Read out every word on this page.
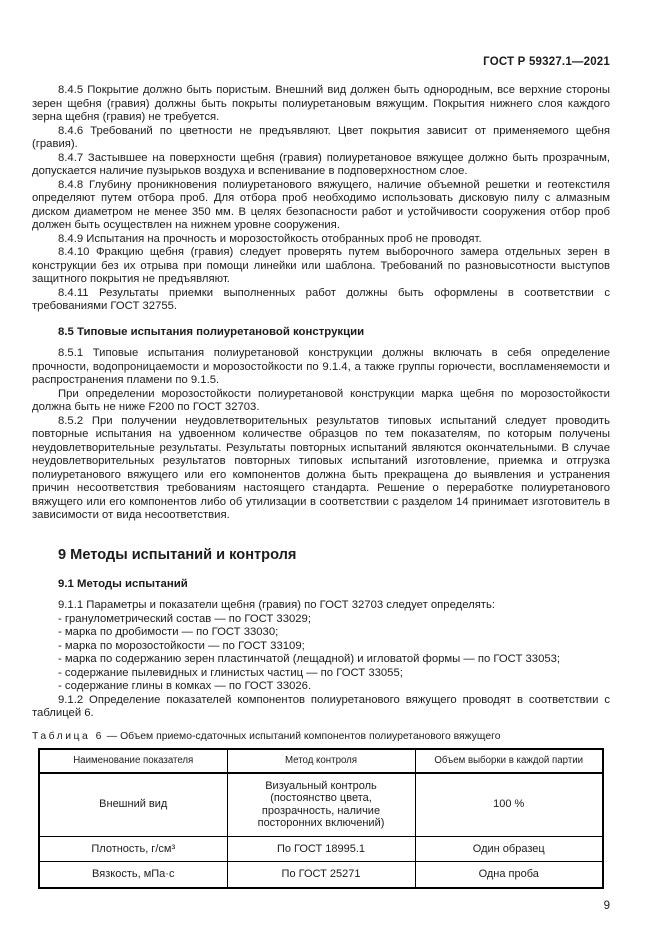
ГОСТ Р 59327.1—2021

8.4.5 Покрытие должно быть пористым. Внешний вид должен быть однородным, все верхние стороны зерен щебня (гравия) должны быть покрыты полиуретановым вяжущим. Покрытия нижнего слоя каждого зерна щебня (гравия) не требуется.

8.4.6 Требований по цветности не предъявляют. Цвет покрытия зависит от применяемого щебня (гравия).

8.4.7 Застывшее на поверхности щебня (гравия) полиуретановое вяжущее должно быть прозрачным, допускается наличие пузырьков воздуха и вспенивание в подповерхностном слое.

8.4.8 Глубину проникновения полиуретанового вяжущего, наличие объемной решетки и геотекстиля определяют путем отбора проб. Для отбора проб необходимо использовать дисковую пилу с алмазным диском диаметром не менее 350 мм. В целях безопасности работ и устойчивости сооружения отбор проб должен быть осуществлен на нижнем уровне сооружения.

8.4.9 Испытания на прочность и морозостойкость отобранных проб не проводят.

8.4.10 Фракцию щебня (гравия) следует проверять путем выборочного замера отдельных зерен в конструкции без их отрыва при помощи линейки или шаблона. Требований по разновысотности выступов защитного покрытия не предъявляют.

8.4.11 Результаты приемки выполненных работ должны быть оформлены в соответствии с требованиями ГОСТ 32755.

8.5 Типовые испытания полиуретановой конструкции

8.5.1 Типовые испытания полиуретановой конструкции должны включать в себя определение прочности, водопроницаемости и морозостойкости по 9.1.4, а также группы горючести, воспламеняемости и распространения пламени по 9.1.5.

При определении морозостойкости полиуретановой конструкции марка щебня по морозостойкости должна быть не ниже F200 по ГОСТ 32703.

8.5.2 При получении неудовлетворительных результатов типовых испытаний следует проводить повторные испытания на удвоенном количестве образцов по тем показателям, по которым получены неудовлетворительные результаты. Результаты повторных испытаний являются окончательными. В случае неудовлетворительных результатов повторных типовых испытаний изготовление, приемка и отгрузка полиуретанового вяжущего или его компонентов должна быть прекращена до выявления и устранения причин несоответствия требованиям настоящего стандарта. Решение о переработке полиуретанового вяжущего или его компонентов либо об утилизации в соответствии с разделом 14 принимает изготовитель в зависимости от вида несоответствия.

9 Методы испытаний и контроля

9.1 Методы испытаний

9.1.1 Параметры и показатели щебня (гравия) по ГОСТ 32703 следует определять:

- гранулометрический состав — по ГОСТ 33029;

- марка по дробимости — по ГОСТ 33030;

- марка по морозостойкости — по ГОСТ 33109;

- марка по содержанию зерен пластинчатой (лещадной) и игловатой формы — по ГОСТ 33053;

- содержание пылевидных и глинистых частиц — по ГОСТ 33055;

- содержание глины в комках — по ГОСТ 33026.

9.1.2 Определение показателей компонентов полиуретанового вяжущего проводят в соответствии с таблицей 6.

Таблица 6 — Объем приемо-сдаточных испытаний компонентов полиуретанового вяжущего
Наименование показателя	Метод контроля	Объем выборки в каждой партии
Внешний вид	Визуальный контроль (постоянство цвета, прозрачность, наличие посторонних включений)	100 %
Плотность, г/см³	По ГОСТ 18995.1	Один образец
Вязкость, мПа·с	По ГОСТ 25271	Одна проба
9
